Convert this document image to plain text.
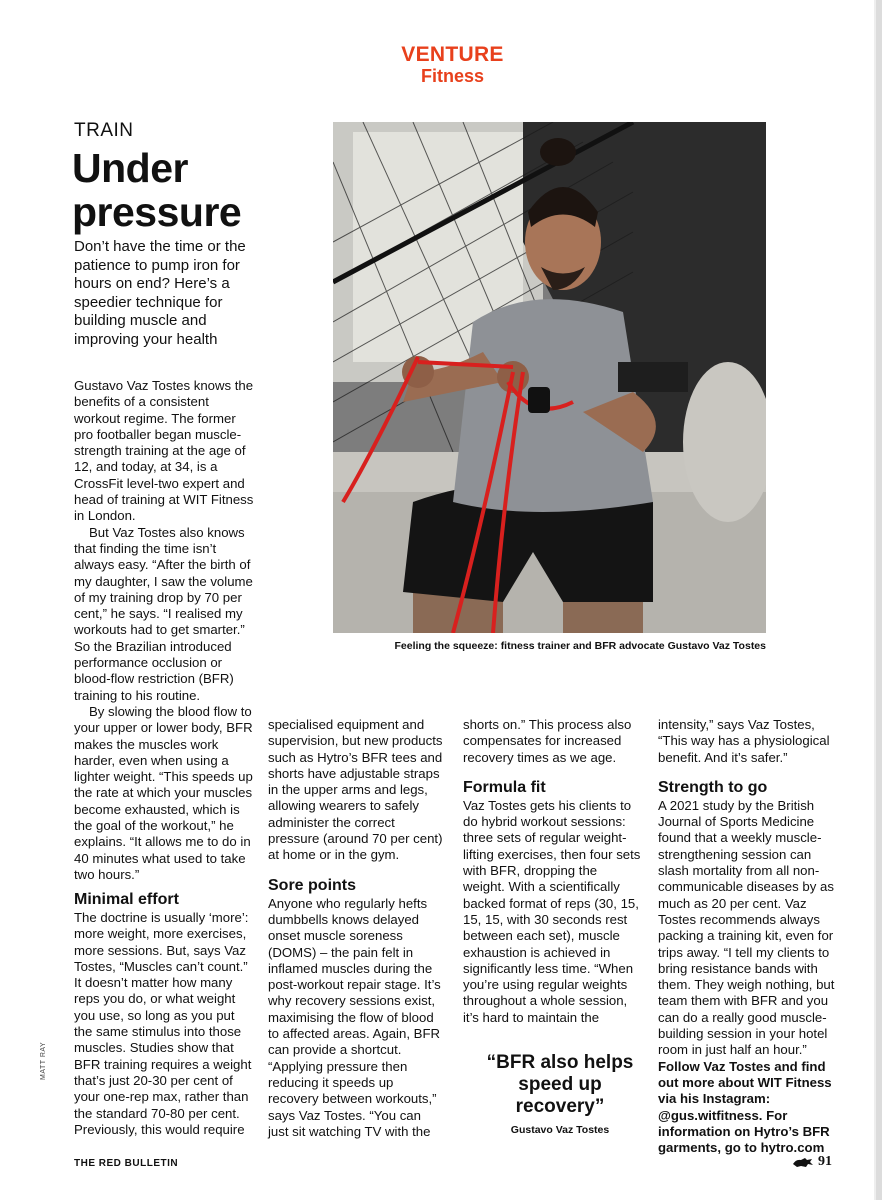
VENTURE
Fitness
TRAIN
Under
pressure
Don’t have the time or the patience to pump iron for hours on end? Here’s a speedier technique for building muscle and improving your health
Feeling the squeeze: fitness trainer and BFR advocate Gustavo Vaz Tostes

Gustavo Vaz Tostes knows the benefits of a consistent workout regime. The former pro footballer began muscle-strength training at the age of 12, and today, at 34, is a CrossFit level-two expert and head of training at WIT Fitness in London.

But Vaz Tostes also knows that finding the time isn’t always easy. “After the birth of my daughter, I saw the volume of my training drop by 70 per cent,” he says. “I realised my workouts had to get smarter.” So the Brazilian introduced performance occlusion or blood-flow restriction (BFR) training to his routine.

By slowing the blood flow to your upper or lower body, BFR makes the muscles work harder, even when using a lighter weight. “This speeds up the rate at which your muscles become exhausted, which is the goal of the workout,” he explains. “It allows me to do in 40 minutes what used to take two hours.”

Minimal effort

The doctrine is usually ‘more’: more weight, more exercises, more sessions. But, says Vaz Tostes, “Muscles can’t count.” It doesn’t matter how many reps you do, or what weight you use, so long as you put the same stimulus into those muscles. Studies show that BFR training requires a weight that’s just 20-30 per cent of your one-rep max, rather than the standard 70-80 per cent. Previously, this would require

specialised equipment and supervision, but new products such as Hytro’s BFR tees and shorts have adjustable straps in the upper arms and legs, allowing wearers to safely administer the correct pressure (around 70 per cent) at home or in the gym.

Sore points

Anyone who regularly hefts dumbbells knows delayed onset muscle soreness (DOMS) – the pain felt in inflamed muscles during the post-workout repair stage. It’s why recovery sessions exist, maximising the flow of blood to affected areas. Again, BFR can provide a shortcut. “Applying pressure then reducing it speeds up recovery between workouts,” says Vaz Tostes. “You can just sit watching TV with the

shorts on.” This process also compensates for increased recovery times as we age.

Formula fit

Vaz Tostes gets his clients to do hybrid workout sessions: three sets of regular weight-lifting exercises, then four sets with BFR, dropping the weight. With a scientifically backed format of reps (30, 15, 15, 15, with 30 seconds rest between each set), muscle exhaustion is achieved in significantly less time. “When you’re using regular weights throughout a whole session, it’s hard to maintain the

“BFR also helps speed up recovery”
Gustavo Vaz Tostes

intensity,” says Vaz Tostes, “This way has a physiological benefit. And it’s safer.”

Strength to go

A 2021 study by the British Journal of Sports Medicine found that a weekly muscle-strengthening session can slash mortality from all non-communicable diseases by as much as 20 per cent. Vaz Tostes recommends always packing a training kit, even for trips away. “I tell my clients to bring resistance bands with them. They weigh nothing, but team them with BFR and you can do a really good muscle-building session in your hotel room in just half an hour.”

Follow Vaz Tostes and find out more about WIT Fitness via his Instagram: @gus.witfitness. For information on Hytro’s BFR garments, go to hytro.com

MATT RAY
THE RED BULLETIN	91
